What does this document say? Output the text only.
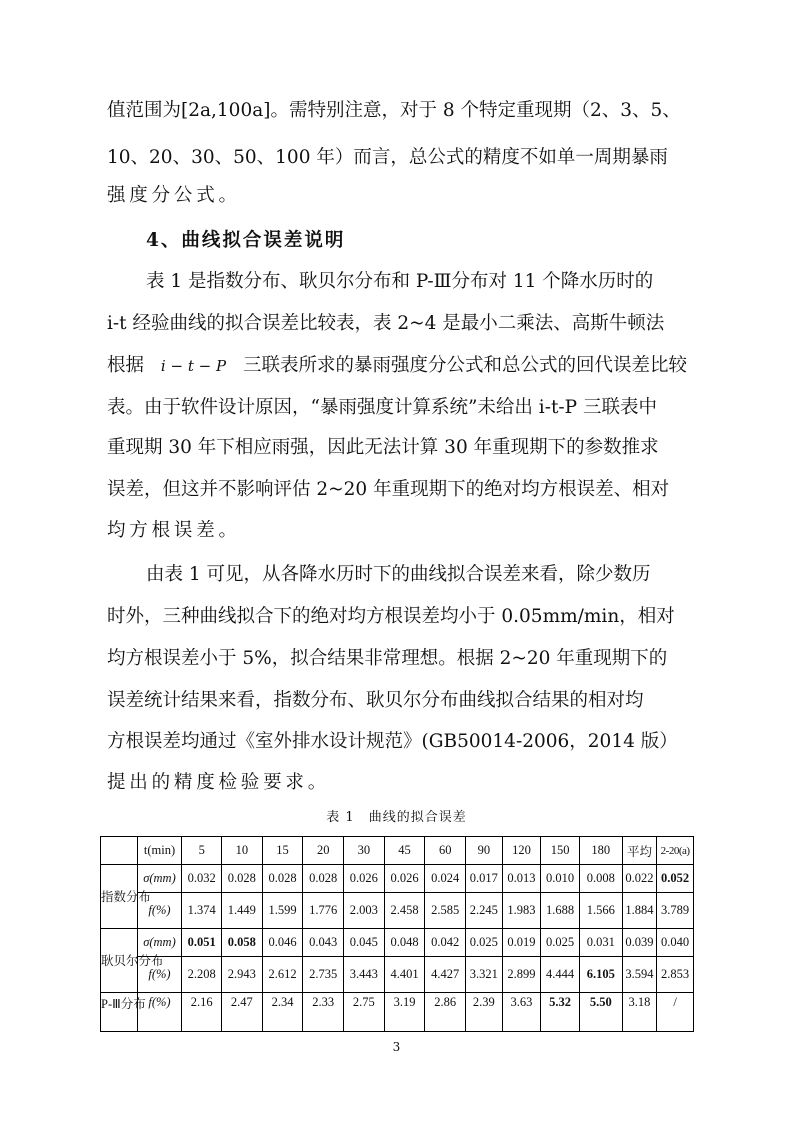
值范围为[2a,100a]。需特别注意，对于 8 个特定重现期（2、3、5、
10、20、30、50、100 年）而言，总公式的精度不如单一周期暴雨
强度分公式。
4、曲线拟合误差说明
表 1 是指数分布、耿贝尔分布和 P-Ⅲ分布对 11 个降水历时的
i-t 经验曲线的拟合误差比较表，表 2~4 是最小二乘法、高斯牛顿法
根据 i − t − P 三联表所求的暴雨强度分公式和总公式的回代误差比较
表。由于软件设计原因，“暴雨强度计算系统”未给出 i-t-P 三联表中
重现期 30 年下相应雨强，因此无法计算 30 年重现期下的参数推求
误差，但这并不影响评估 2~20 年重现期下的绝对均方根误差、相对
均方根误差。
由表 1 可见，从各降水历时下的曲线拟合误差来看，除少数历
时外，三种曲线拟合下的绝对均方根误差均小于 0.05mm/min，相对
均方根误差小于 5%，拟合结果非常理想。根据 2~20 年重现期下的
误差统计结果来看，指数分布、耿贝尔分布曲线拟合结果的相对均
方根误差均通过《室外排水设计规范》(GB50014-2006，2014 版）
提出的精度检验要求。
表 1　曲线的拟合误差
	t(min)	5	10	15	20	30	45	60	90	120	150	180	平均	2-20(a)
指数分布	σ(mm)	0.032	0.028	0.028	0.028	0.026	0.026	0.024	0.017	0.013	0.010	0.008	0.022	0.052
	f(%)	1.374	1.449	1.599	1.776	2.003	2.458	2.585	2.245	1.983	1.688	1.566	1.884	3.789
耿贝尔分布	σ(mm)	0.051	0.058	0.046	0.043	0.045	0.048	0.042	0.025	0.019	0.025	0.031	0.039	0.040
	f(%)	2.208	2.943	2.612	2.735	3.443	4.401	4.427	3.321	2.899	4.444	6.105	3.594	2.853
P-Ⅲ分布	f(%)	2.16	2.47	2.34	2.33	2.75	3.19	2.86	2.39	3.63	5.32	5.50	3.18	/
3
